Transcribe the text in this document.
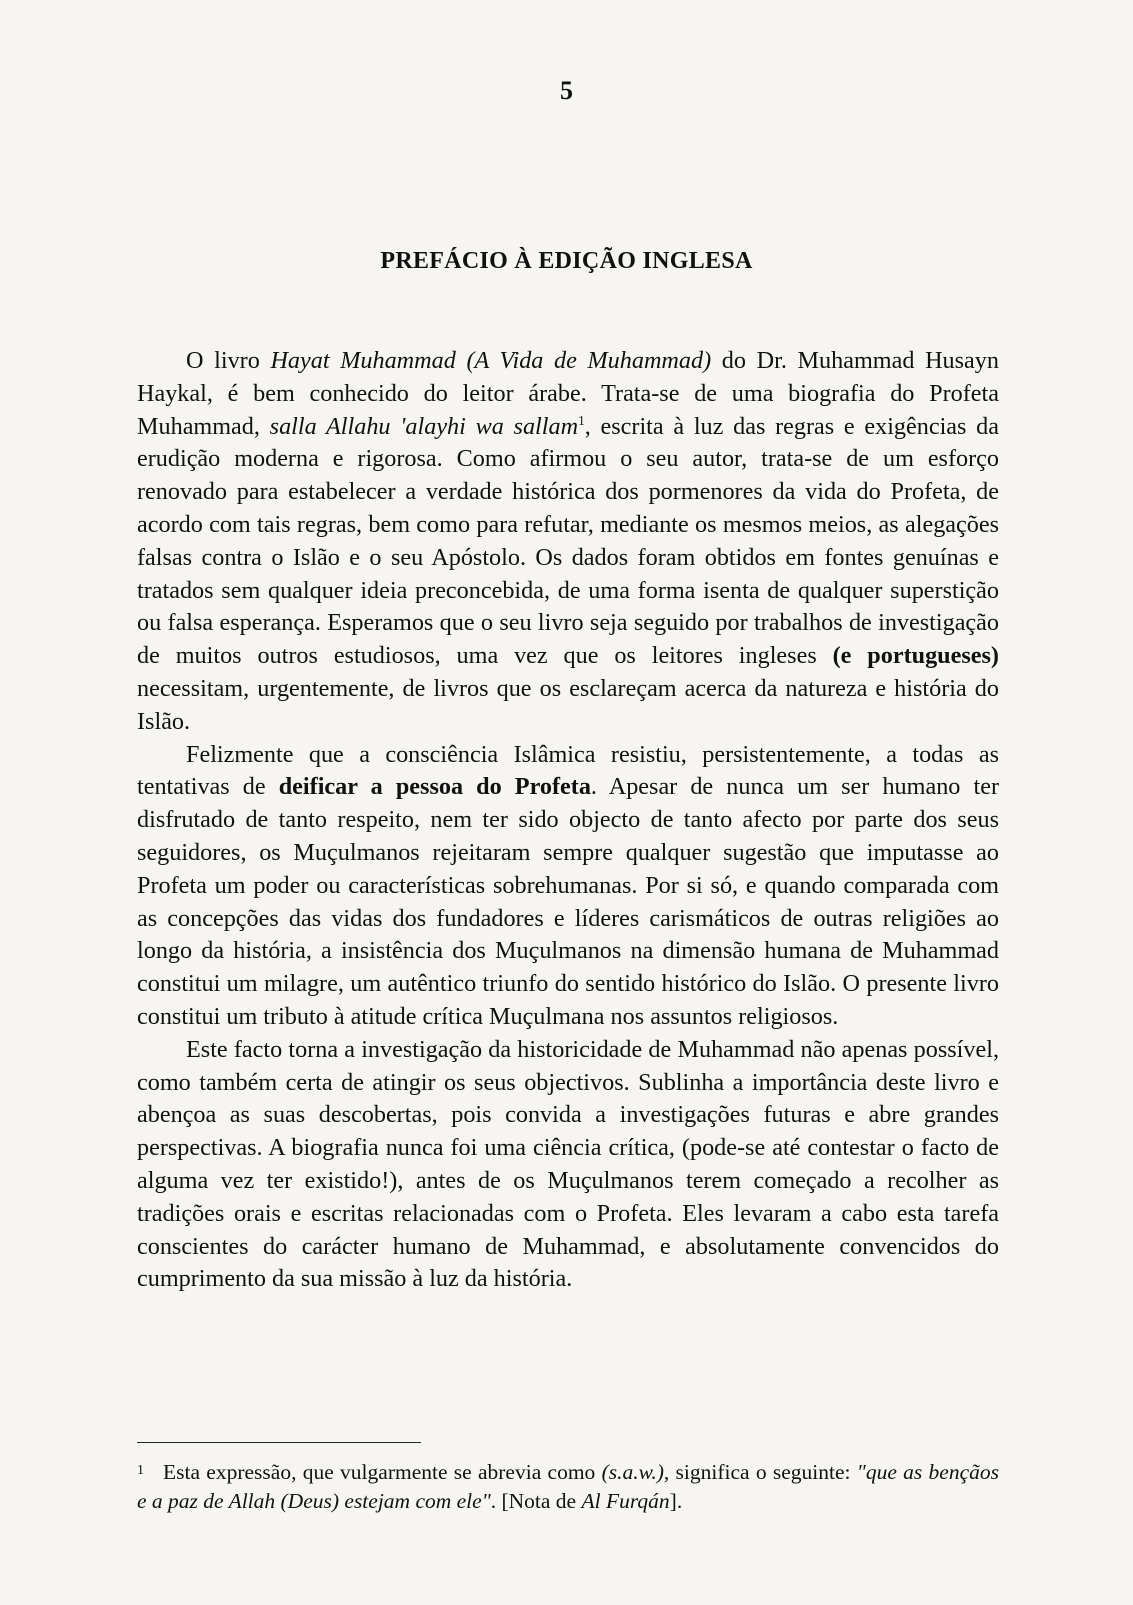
5
PREFÁCIO À EDIÇÃO INGLESA

O livro Hayat Muhammad (A Vida de Muhammad) do Dr. Muhammad Husayn Haykal, é bem conhecido do leitor árabe. Trata-se de uma biografia do Profeta Muhammad, salla Allahu 'alayhi wa sallam$^1$, escrita à luz das regras e exigências da erudição moderna e rigorosa. Como afirmou o seu autor, trata-se de um esforço renovado para estabelecer a verdade histórica dos pormenores da vida do Profeta, de acordo com tais regras, bem como para refutar, mediante os mesmos meios, as alegações falsas contra o Islão e o seu Apóstolo. Os dados foram obtidos em fontes genuínas e tratados sem qualquer ideia preconcebida, de uma forma isenta de qualquer superstição ou falsa esperança. Esperamos que o seu livro seja seguido por trabalhos de investigação de muitos outros estudiosos, uma vez que os leitores ingleses (e portugueses) necessitam, urgentemente, de livros que os esclareçam acerca da natureza e história do Islão.

Felizmente que a consciência Islâmica resistiu, persistentemente, a todas as tentativas de deificar a pessoa do Profeta. Apesar de nunca um ser humano ter disfrutado de tanto respeito, nem ter sido objecto de tanto afecto por parte dos seus seguidores, os Muçulmanos rejeitaram sempre qualquer sugestão que imputasse ao Profeta um poder ou características sobrehumanas. Por si só, e quando comparada com as concepções das vidas dos fundadores e líderes carismáticos de outras religiões ao longo da história, a insistência dos Muçulmanos na dimensão humana de Muhammad constitui um milagre, um autêntico triunfo do sentido histórico do Islão. O presente livro constitui um tributo à atitude crítica Muçulmana nos assuntos religiosos.

Este facto torna a investigação da historicidade de Muhammad não apenas possível, como também certa de atingir os seus objectivos. Sublinha a importância deste livro e abençoa as suas descobertas, pois convida a investigações futuras e abre grandes perspectivas. A biografia nunca foi uma ciência crítica, (pode-se até contestar o facto de alguma vez ter existido!), antes de os Muçulmanos terem começado a recolher as tradições orais e escritas relacionadas com o Profeta. Eles levaram a cabo esta tarefa conscientes do carácter humano de Muhammad, e absolutamente convencidos do cumprimento da sua missão à luz da história.

1 Esta expressão, que vulgarmente se abrevia como (s.a.w.), significa o seguinte: "que as bençãos e a paz de Allah (Deus) estejam com ele". [Nota de Al Furqán].
